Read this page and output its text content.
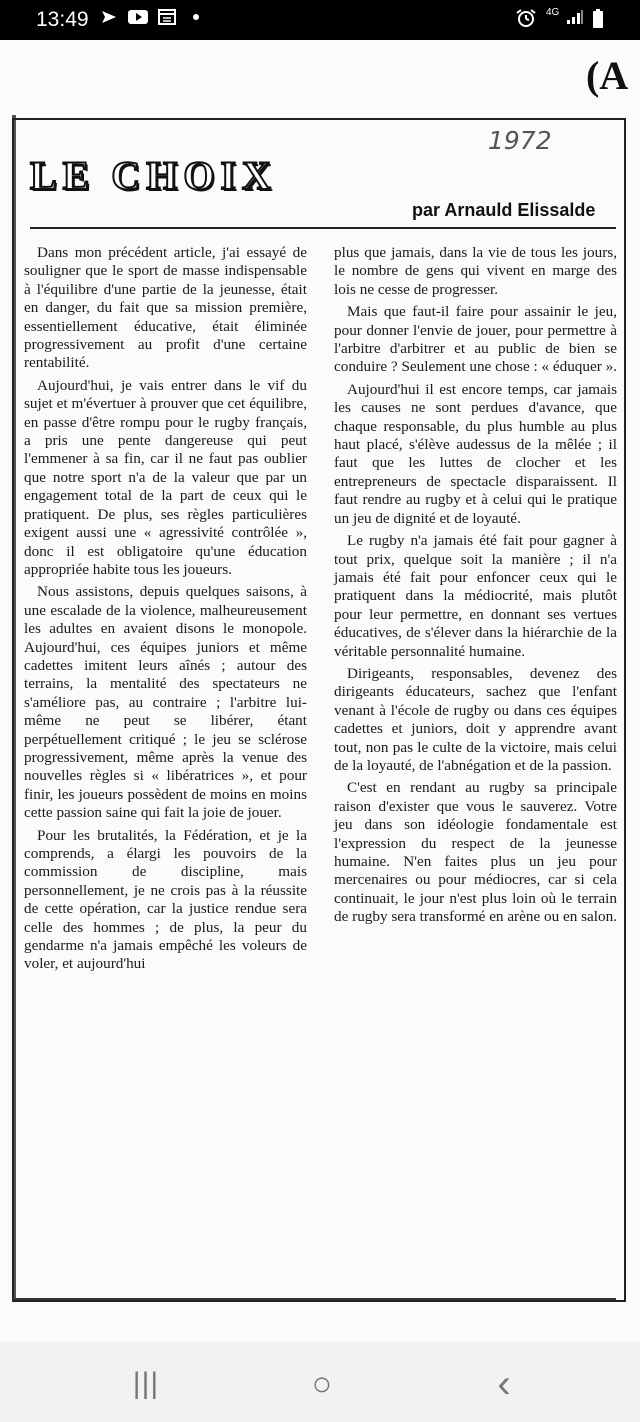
13:49	4G
(A
LE CHOIX
1972
par Arnauld Elissalde

Dans mon précédent article, j'ai essayé de souligner que le sport de masse indispensable à l'équilibre d'une partie de la jeunesse, était en danger, du fait que sa mission première, essentiellement éducative, était éliminée progressivement au profit d'une certaine rentabilité.

Aujourd'hui, je vais entrer dans le vif du sujet et m'évertuer à prouver que cet équilibre, en passe d'être rompu pour le rugby français, a pris une pente dangereuse qui peut l'emmener à sa fin, car il ne faut pas oublier que notre sport n'a de la valeur que par un engagement total de la part de ceux qui le pratiquent. De plus, ses règles particulières exigent aussi une « agressivité contrôlée », donc il est obligatoire qu'une éducation appropriée habite tous les joueurs.

Nous assistons, depuis quelques saisons, à une escalade de la violence, malheureusement les adultes en avaient disons le monopole. Aujourd'hui, ces équipes juniors et même cadettes imitent leurs aînés ; autour des terrains, la mentalité des spectateurs ne s'améliore pas, au contraire ; l'arbitre lui-même ne peut se libérer, étant perpétuellement critiqué ; le jeu se sclérose progressivement, même après la venue des nouvelles règles si « libératrices », et pour finir, les joueurs possèdent de moins en moins cette passion saine qui fait la joie de jouer.

Pour les brutalités, la Fédération, et je la comprends, a élargi les pouvoirs de la commission de discipline, mais personnellement, je ne crois pas à la réussite de cette opération, car la justice rendue sera celle des hommes ; de plus, la peur du gendarme n'a jamais empêché les voleurs de voler, et aujourd'hui

plus que jamais, dans la vie de tous les jours, le nombre de gens qui vivent en marge des lois ne cesse de progresser.

Mais que faut-il faire pour assainir le jeu, pour donner l'envie de jouer, pour permettre à l'arbitre d'arbitrer et au public de bien se conduire ? Seulement une chose : « éduquer ».

Aujourd'hui il est encore temps, car jamais les causes ne sont perdues d'avance, que chaque responsable, du plus humble au plus haut placé, s'élève audessus de la mêlée ; il faut que les luttes de clocher et les entrepreneurs de spectacle disparaissent. Il faut rendre au rugby et à celui qui le pratique un jeu de dignité et de loyauté.

Le rugby n'a jamais été fait pour gagner à tout prix, quelque soit la manière ; il n'a jamais été fait pour enfoncer ceux qui le pratiquent dans la médiocrité, mais plutôt pour leur permettre, en donnant ses vertues éducatives, de s'élever dans la hiérarchie de la véritable personnalité humaine.

Dirigeants, responsables, devenez des dirigeants éducateurs, sachez que l'enfant venant à l'école de rugby ou dans ces équipes cadettes et juniors, doit y apprendre avant tout, non pas le culte de la victoire, mais celui de la loyauté, de l'abnégation et de la passion.

C'est en rendant au rugby sa principale raison d'exister que vous le sauverez. Votre jeu dans son idéologie fondamentale est l'expression du respect de la jeunesse humaine. N'en faites plus un jeu pour mercenaires ou pour médiocres, car si cela continuait, le jour n'est plus loin où le terrain de rugby sera transformé en arène ou en salon.

|||	○	‹
